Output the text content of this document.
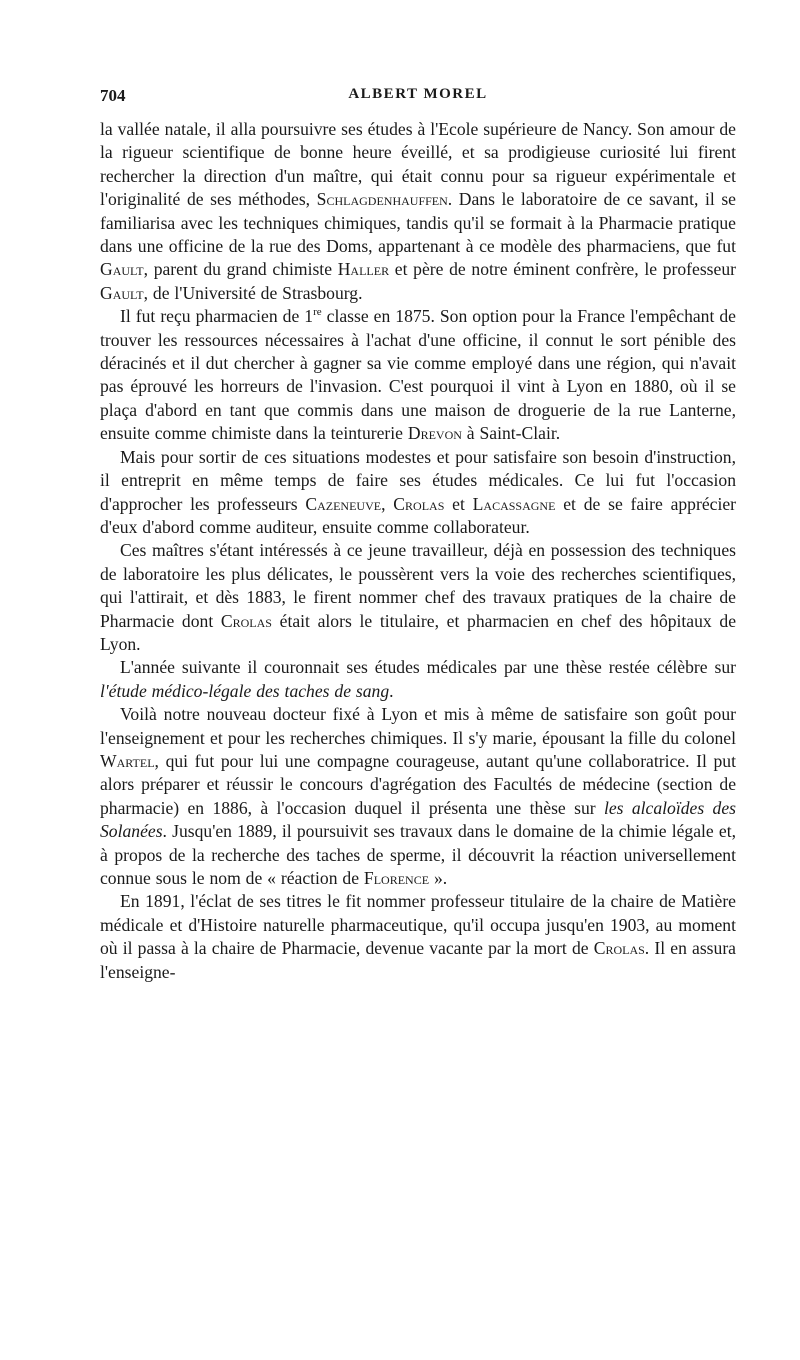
704	ALBERT MOREL

la vallée natale, il alla poursuivre ses études à l'Ecole supérieure de Nancy. Son amour de la rigueur scientifique de bonne heure éveillé, et sa prodigieuse curiosité lui firent rechercher la direction d'un maître, qui était connu pour sa rigueur expérimentale et l'originalité de ses méthodes, Schlagdenhauffen. Dans le laboratoire de ce savant, il se familiarisa avec les techniques chimiques, tandis qu'il se formait à la Pharmacie pratique dans une officine de la rue des Doms, appartenant à ce modèle des pharmaciens, que fut Gault, parent du grand chimiste Haller et père de notre éminent confrère, le professeur Gault, de l'Université de Strasbourg.

Il fut reçu pharmacien de 1re classe en 1875. Son option pour la France l'empêchant de trouver les ressources nécessaires à l'achat d'une officine, il connut le sort pénible des déracinés et il dut chercher à gagner sa vie comme employé dans une région, qui n'avait pas éprouvé les horreurs de l'invasion. C'est pourquoi il vint à Lyon en 1880, où il se plaça d'abord en tant que commis dans une maison de droguerie de la rue Lanterne, ensuite comme chimiste dans la teinturerie Drevon à Saint-Clair.

Mais pour sortir de ces situations modestes et pour satisfaire son besoin d'instruction, il entreprit en même temps de faire ses études médicales. Ce lui fut l'occasion d'approcher les professeurs Cazeneuve, Crolas et Lacassagne et de se faire apprécier d'eux d'abord comme auditeur, ensuite comme collaborateur.

Ces maîtres s'étant intéressés à ce jeune travailleur, déjà en possession des techniques de laboratoire les plus délicates, le poussèrent vers la voie des recherches scientifiques, qui l'attirait, et dès 1883, le firent nommer chef des travaux pratiques de la chaire de Pharmacie dont Crolas était alors le titulaire, et pharmacien en chef des hôpitaux de Lyon.

L'année suivante il couronnait ses études médicales par une thèse restée célèbre sur l'étude médico-légale des taches de sang.

Voilà notre nouveau docteur fixé à Lyon et mis à même de satisfaire son goût pour l'enseignement et pour les recherches chimiques. Il s'y marie, épousant la fille du colonel Wartel, qui fut pour lui une compagne courageuse, autant qu'une collaboratrice. Il put alors préparer et réussir le concours d'agrégation des Facultés de médecine (section de pharmacie) en 1886, à l'occasion duquel il présenta une thèse sur les alcaloïdes des Solanées. Jusqu'en 1889, il poursuivit ses travaux dans le domaine de la chimie légale et, à propos de la recherche des taches de sperme, il découvrit la réaction universellement connue sous le nom de « réaction de Florence ».

En 1891, l'éclat de ses titres le fit nommer professeur titulaire de la chaire de Matière médicale et d'Histoire naturelle pharmaceutique, qu'il occupa jusqu'en 1903, au moment où il passa à la chaire de Pharmacie, devenue vacante par la mort de Crolas. Il en assura l'enseigne-
